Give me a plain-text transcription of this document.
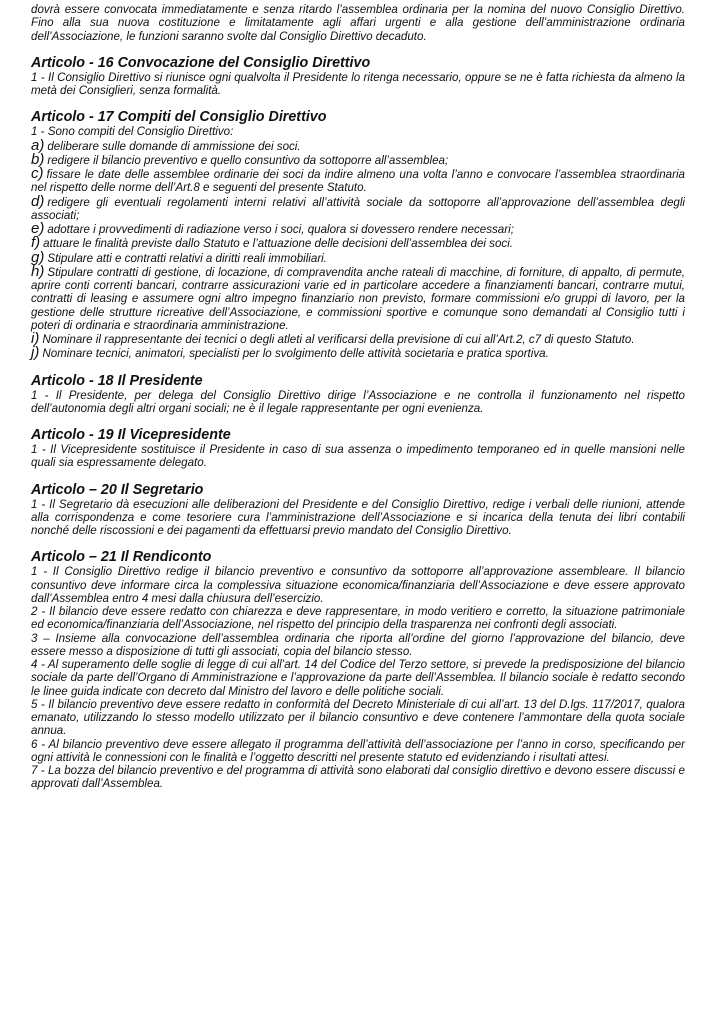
dovrà essere convocata immediatamente e senza ritardo l’assemblea ordinaria per la nomina del nuovo Consiglio Direttivo. Fino alla sua nuova costituzione e limitatamente agli affari urgenti e alla gestione dell’amministrazione ordinaria dell’Associazione, le funzioni saranno svolte dal Consiglio Direttivo decaduto.

Articolo - 16 Convocazione del Consiglio Direttivo

1 - Il Consiglio Direttivo si riunisce ogni qualvolta il Presidente lo ritenga necessario, oppure se ne è fatta richiesta da almeno la metà dei Consiglieri, senza formalità.

Articolo - 17 Compiti del Consiglio Direttivo

1 - Sono compiti del Consiglio Direttivo:

a) deliberare sulle domande di ammissione dei soci.

b) redigere il bilancio preventivo e quello consuntivo da sottoporre all’assemblea;

c) fissare le date delle assemblee ordinarie dei soci da indire almeno una volta l’anno e convocare l’assemblea straordinaria nel rispetto delle norme dell’Art.8 e seguenti del presente Statuto.

d) redigere gli eventuali regolamenti interni relativi all’attività sociale da sottoporre all’approvazione dell’assemblea degli associati;

e) adottare i provvedimenti di radiazione verso i soci, qualora si dovessero rendere necessari;

f) attuare le finalità previste dallo Statuto e l’attuazione delle decisioni dell’assemblea dei soci.

g) Stipulare atti e contratti relativi a diritti reali immobiliari.

h) Stipulare contratti di gestione, di locazione, di compravendita anche rateali di macchine, di forniture, di appalto, di permute, aprire conti correnti bancari, contrarre assicurazioni varie ed in particolare accedere a finanziamenti bancari, contrarre mutui, contratti di leasing e assumere ogni altro impegno finanziario non previsto, formare commissioni e/o gruppi di lavoro, per la gestione delle strutture ricreative dell’Associazione, e commissioni sportive e comunque sono demandati al Consiglio tutti i poteri di ordinaria e straordinaria amministrazione.

i) Nominare il rappresentante dei tecnici o degli atleti al verificarsi della previsione di cui all’Art.2, c7 di questo Statuto.

j) Nominare tecnici, animatori, specialisti per lo svolgimento delle attività societaria e pratica sportiva.

Articolo - 18 Il Presidente

1 - Il Presidente, per delega del Consiglio Direttivo dirige l’Associazione e ne controlla il funzionamento nel rispetto dell’autonomia degli altri organi sociali; ne è il legale rappresentante per ogni evenienza.

Articolo - 19 Il Vicepresidente

1 - Il Vicepresidente sostituisce il Presidente in caso di sua assenza o impedimento temporaneo ed in quelle mansioni nelle quali sia espressamente delegato.

Articolo – 20 Il Segretario

1 - Il Segretario dà esecuzioni alle deliberazioni del Presidente e del Consiglio Direttivo, redige i verbali delle riunioni, attende alla corrispondenza e come tesoriere cura l’amministrazione dell’Associazione e si incarica della tenuta dei libri contabili nonché delle riscossioni e dei pagamenti da effettuarsi previo mandato del Consiglio Direttivo.

Articolo – 21 Il Rendiconto

1 - Il Consiglio Direttivo redige il bilancio preventivo e consuntivo da sottoporre all’approvazione assembleare. Il bilancio consuntivo deve informare circa la complessiva situazione economica/finanziaria dell’Associazione e deve essere approvato dall’Assemblea entro 4 mesi dalla chiusura dell’esercizio.

2 - Il bilancio deve essere redatto con chiarezza e deve rappresentare, in modo veritiero e corretto, la situazione patrimoniale ed economica/finanziaria dell’Associazione, nel rispetto del principio della trasparenza nei confronti degli associati.

3 – Insieme alla convocazione dell’assemblea ordinaria che riporta all’ordine del giorno l’approvazione del bilancio, deve essere messo a disposizione di tutti gli associati, copia del bilancio stesso.

4 - Al superamento delle soglie di legge di cui all’art. 14 del Codice del Terzo settore, si prevede la predisposizione del bilancio sociale da parte dell’Organo di Amministrazione e l’approvazione da parte dell’Assemblea. Il bilancio sociale è redatto secondo le linee guida indicate con decreto dal Ministro del lavoro e delle politiche sociali.

5 - Il bilancio preventivo deve essere redatto in conformità del Decreto Ministeriale di cui all’art. 13 del D.lgs. 117/2017, qualora emanato, utilizzando lo stesso modello utilizzato per il bilancio consuntivo e deve contenere l’ammontare della quota sociale annua.

6 - Al bilancio preventivo deve essere allegato il programma dell’attività dell’associazione per l’anno in corso, specificando per ogni attività le connessioni con le finalità e l’oggetto descritti nel presente statuto ed evidenziando i risultati attesi.

7 - La bozza del bilancio preventivo e del programma di attività sono elaborati dal consiglio direttivo e devono essere discussi e approvati dall’Assemblea.
